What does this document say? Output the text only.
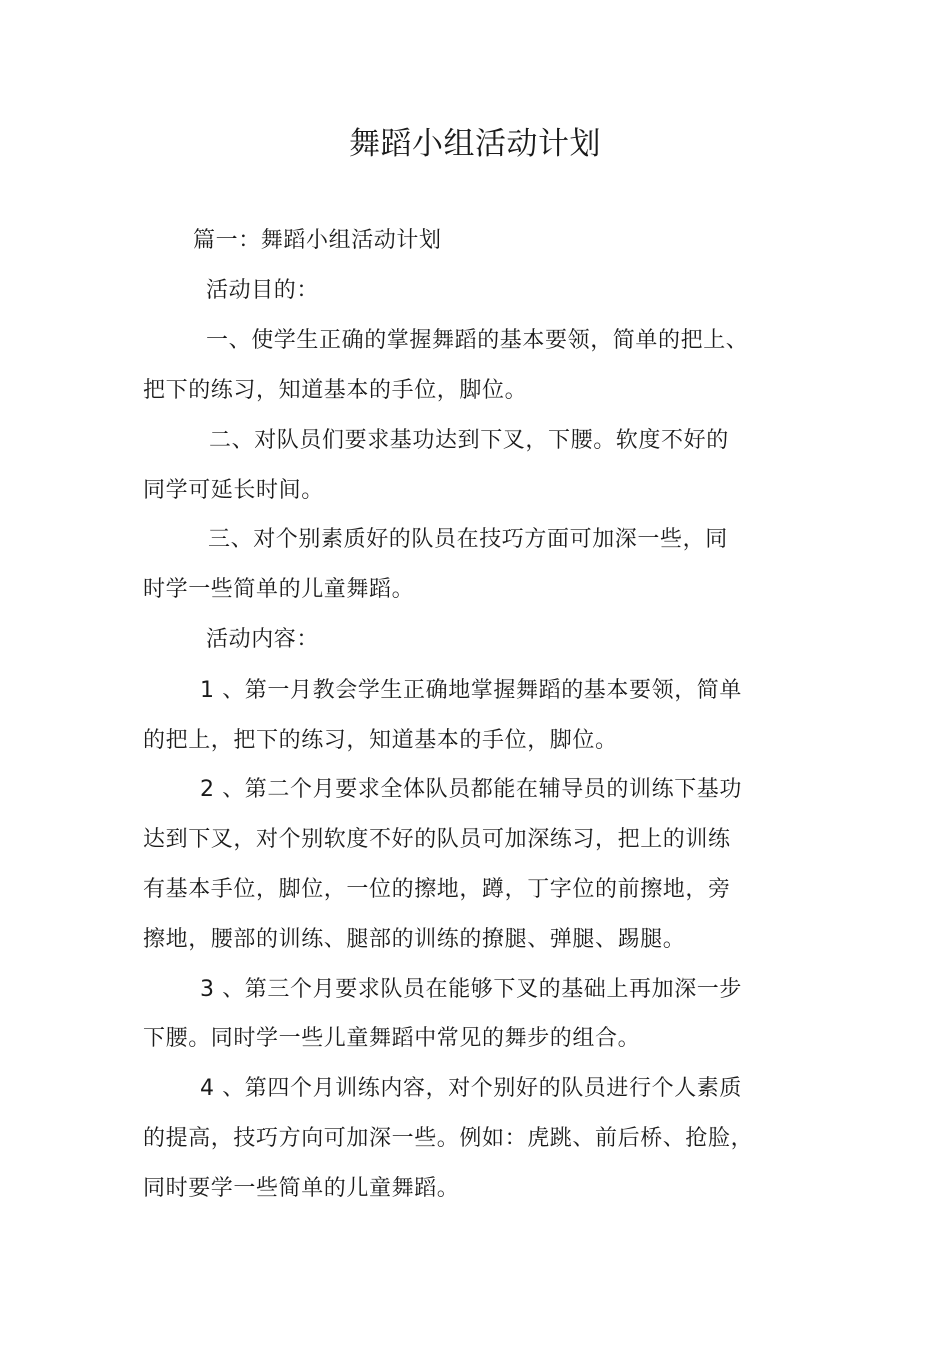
舞蹈小组活动计划
篇一：舞蹈小组活动计划
活动目的：
一、使学生正确的掌握舞蹈的基本要领，简单的把上、
把下的练习，知道基本的手位，脚位。
二、对队员们要求基功达到下叉，下腰。软度不好的
同学可延长时间。
三、对个别素质好的队员在技巧方面可加深一些，同
时学一些简单的儿童舞蹈。
活动内容：
1 、第一月教会学生正确地掌握舞蹈的基本要领，简单
的把上，把下的练习，知道基本的手位，脚位。
2 、第二个月要求全体队员都能在辅导员的训练下基功
达到下叉，对个别软度不好的队员可加深练习，把上的训练
有基本手位，脚位，一位的擦地，蹲，丁字位的前擦地，旁
擦地，腰部的训练、腿部的训练的撩腿、弹腿、踢腿。
3 、第三个月要求队员在能够下叉的基础上再加深一步
下腰。同时学一些儿童舞蹈中常见的舞步的组合。
4 、第四个月训练内容，对个别好的队员进行个人素质
的提高，技巧方向可加深一些。例如：虎跳、前后桥、抢脸，
同时要学一些简单的儿童舞蹈。
